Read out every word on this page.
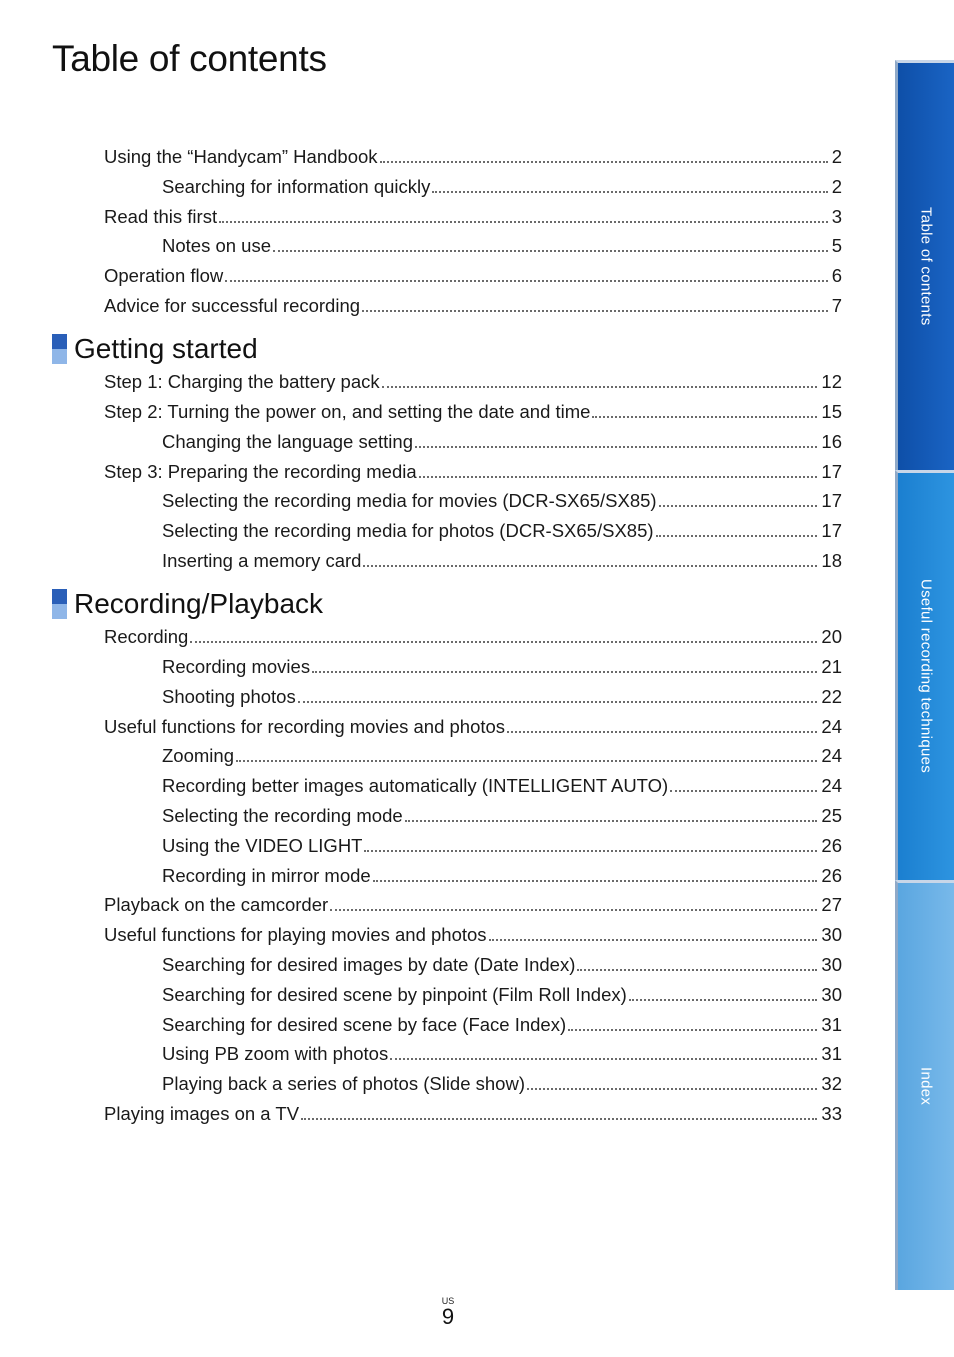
Table of contents
Using the “Handycam” Handbook	2
Searching for information quickly	2
Read this first	3
Notes on use	5
Operation flow	6
Advice for successful recording	7
Getting started
Step 1: Charging the battery pack	12
Step 2: Turning the power on, and setting the date and time	15
Changing the language setting	16
Step 3: Preparing the recording media	17
Selecting the recording media for movies (DCR-SX65/SX85)	17
Selecting the recording media for photos (DCR-SX65/SX85)	17
Inserting a memory card	18
Recording/Playback
Recording	20
Recording movies	21
Shooting photos	22
Useful functions for recording movies and photos	24
Zooming	24
Recording better images automatically (INTELLIGENT AUTO)	24
Selecting the recording mode	25
Using the VIDEO LIGHT	26
Recording in mirror mode	26
Playback on the camcorder	27
Useful functions for playing movies and photos	30
Searching for desired images by date (Date Index)	30
Searching for desired scene by pinpoint (Film Roll Index)	30
Searching for desired scene by face (Face Index)	31
Using PB zoom with photos	31
Playing back a series of photos (Slide show)	32
Playing images on a TV	33
Table of contents
Useful recording techniques
Index
US
9
